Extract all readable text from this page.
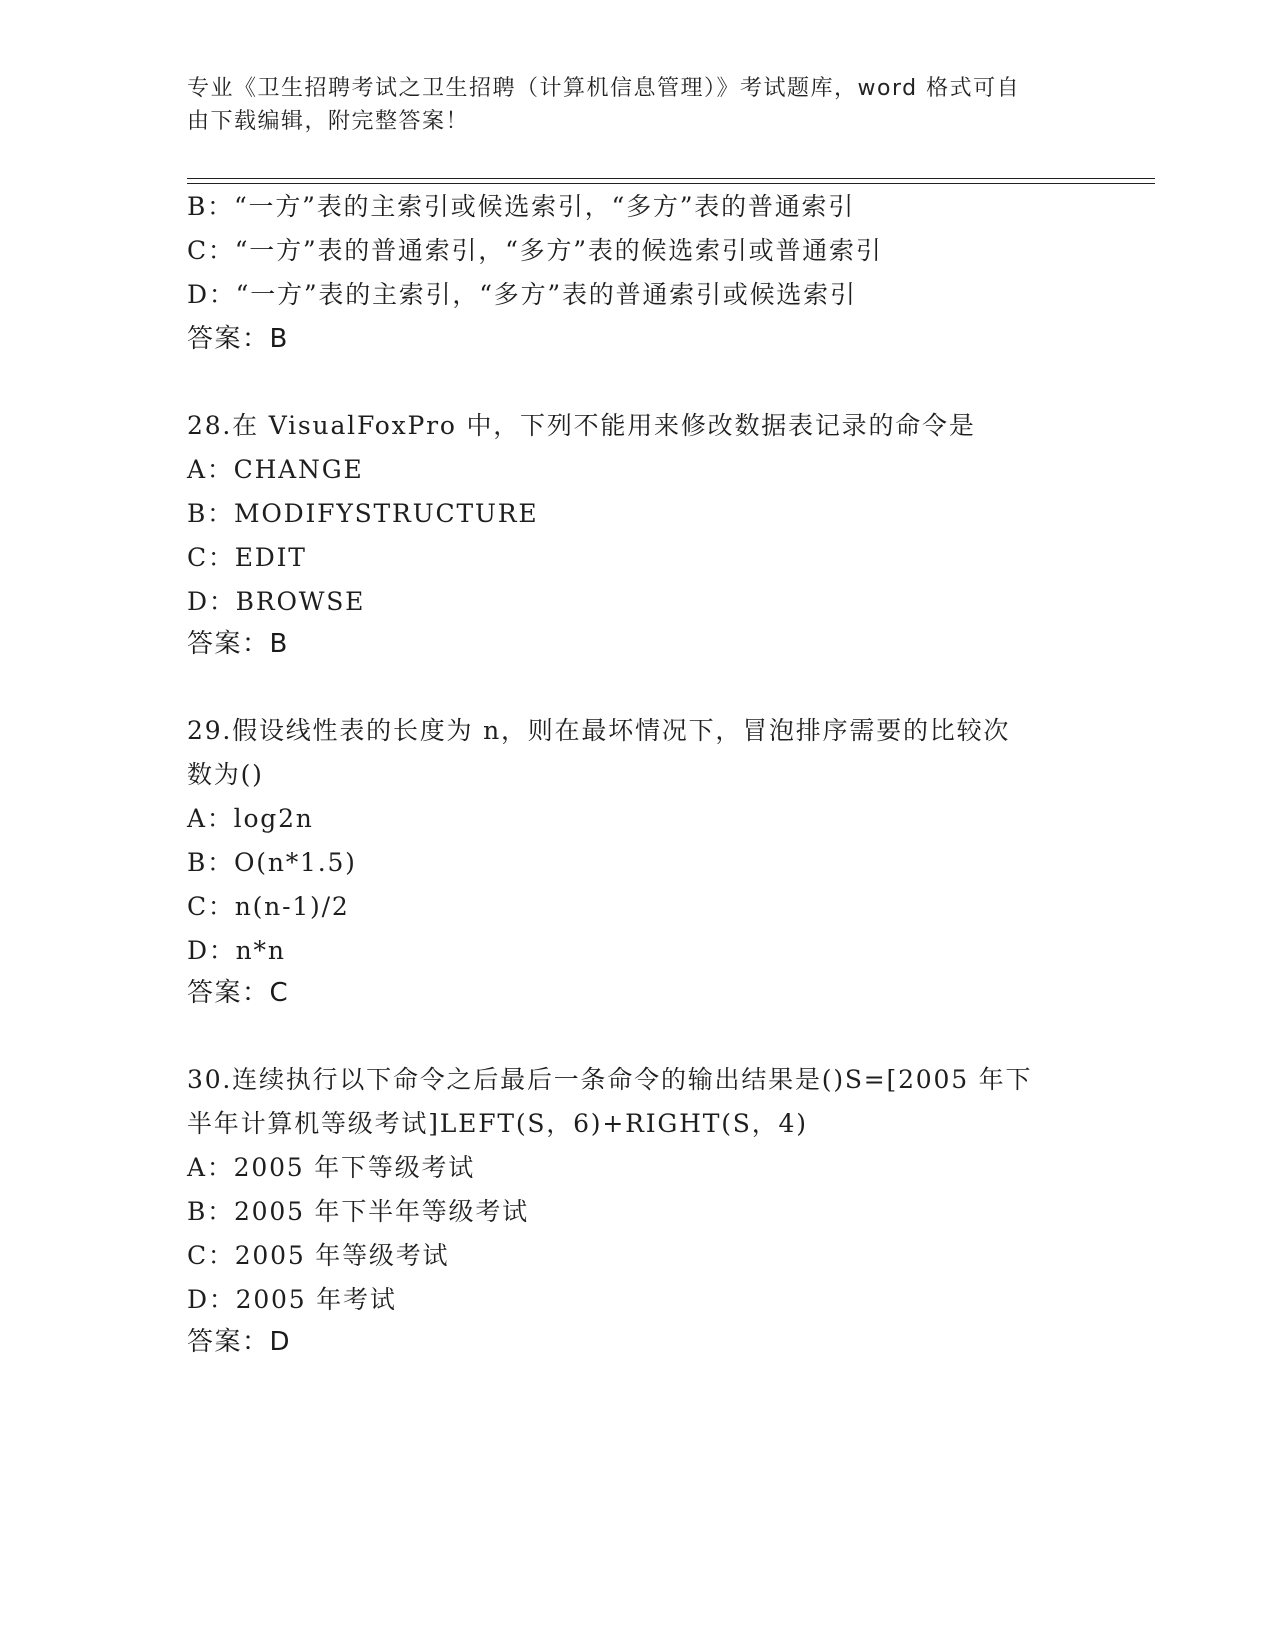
专业《卫生招聘考试之卫生招聘（计算机信息管理）》考试题库，word 格式可自
由下载编辑，附完整答案！
B：“一方”表的主索引或候选索引，“多方”表的普通索引
C：“一方”表的普通索引，“多方”表的候选索引或普通索引
D：“一方”表的主索引，“多方”表的普通索引或候选索引
答案：B
28.在 VisualFoxPro 中，下列不能用来修改数据表记录的命令是
A：CHANGE
B：MODIFYSTRUCTURE
C：EDIT
D：BROWSE
答案：B
29.假设线性表的长度为 n，则在最坏情况下，冒泡排序需要的比较次
数为()
A：log2n
B：O(n*1.5)
C：n(n-1)/2
D：n*n
答案：C
30.连续执行以下命令之后最后一条命令的输出结果是()S=[2005 年下
半年计算机等级考试]LEFT(S，6)+RIGHT(S，4)
A：2005 年下等级考试
B：2005 年下半年等级考试
C：2005 年等级考试
D：2005 年考试
答案：D
